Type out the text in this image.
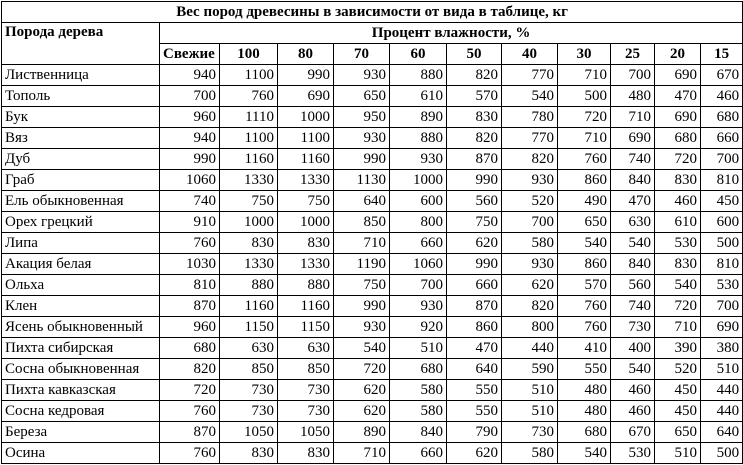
Вес пород древесины в зависимости от вида в таблице, кг											
Порода дерева	Процент влажности, %										
	Свежие	100	80	70	60	50	40	30	25	20	15
Лиственница	940	1100	990	930	880	820	770	710	700	690	670
Тополь	700	760	690	650	610	570	540	500	480	470	460
Бук	960	1110	1000	950	890	830	780	720	710	690	680
Вяз	940	1100	1100	930	880	820	770	710	690	680	660
Дуб	990	1160	1160	990	930	870	820	760	740	720	700
Граб	1060	1330	1330	1130	1000	990	930	860	840	830	810
Ель обыкновенная	740	750	750	640	600	560	520	490	470	460	450
Орех грецкий	910	1000	1000	850	800	750	700	650	630	610	600
Липа	760	830	830	710	660	620	580	540	540	530	500
Акация белая	1030	1330	1330	1190	1060	990	930	860	840	830	810
Ольха	810	880	880	750	700	660	620	570	560	540	530
Клен	870	1160	1160	990	930	870	820	760	740	720	700
Ясень обыкновенный	960	1150	1150	930	920	860	800	760	730	710	690
Пихта сибирская	680	630	630	540	510	470	440	410	400	390	380
Сосна обыкновенная	820	850	850	720	680	640	590	550	540	520	510
Пихта кавказская	720	730	730	620	580	550	510	480	460	450	440
Сосна кедровая	760	730	730	620	580	550	510	480	460	450	440
Береза	870	1050	1050	890	840	790	730	680	670	650	640
Осина	760	830	830	710	660	620	580	540	530	510	500
